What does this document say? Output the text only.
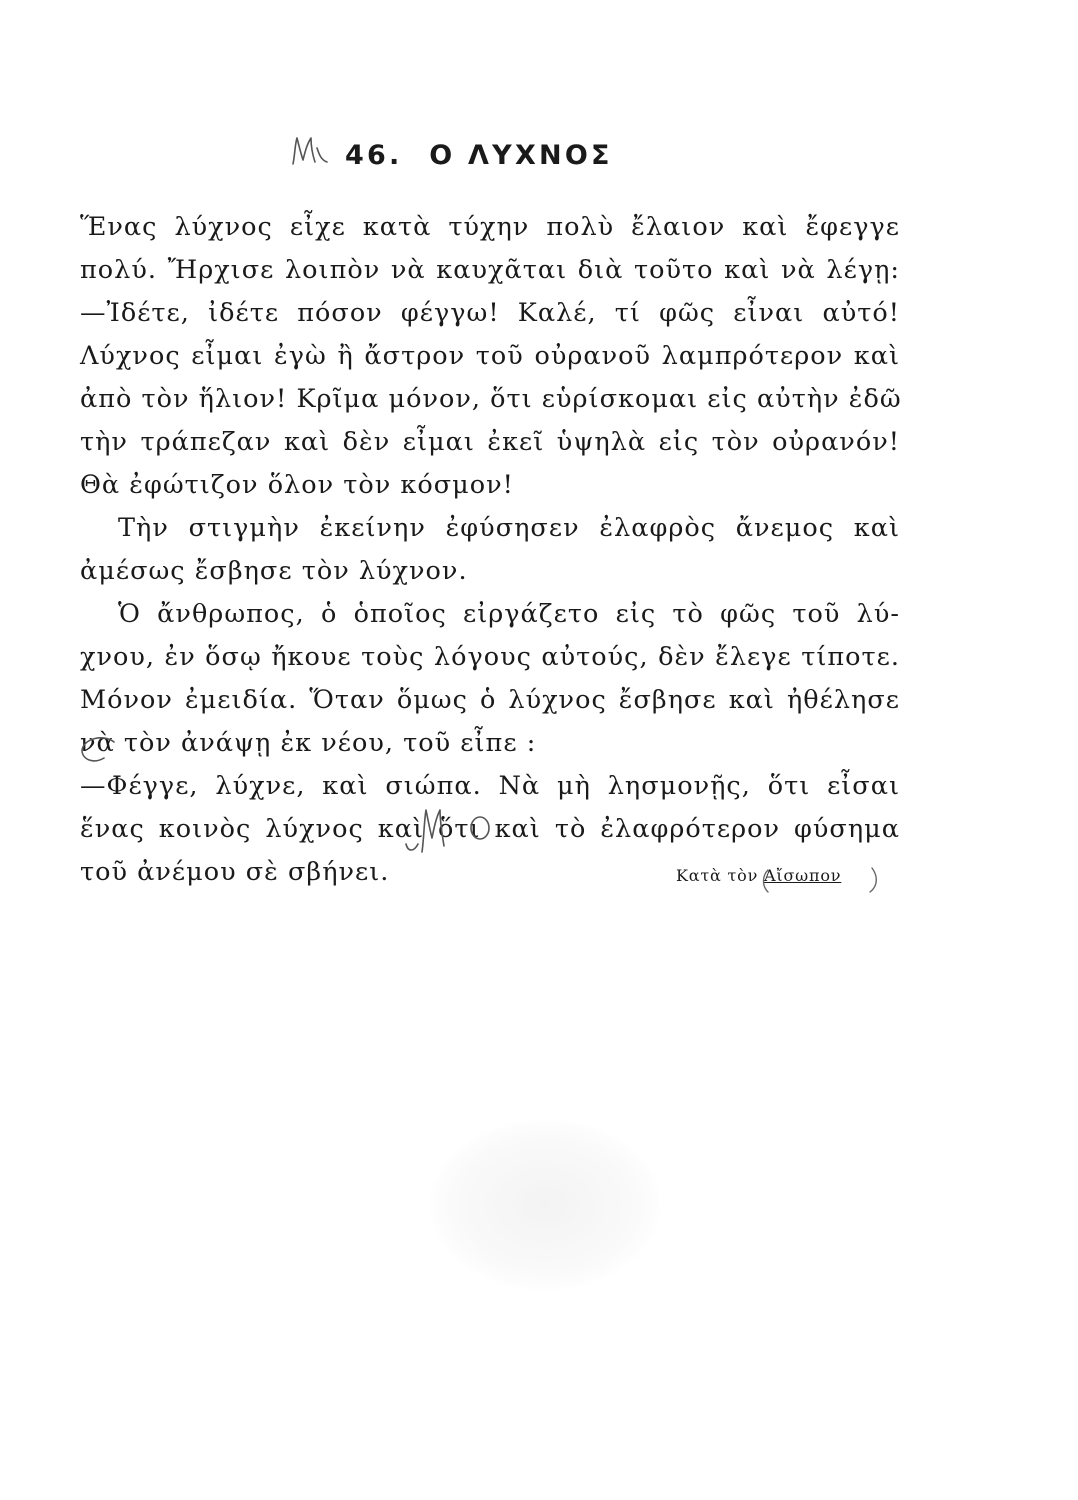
46. Ο ΛΥΧΝΟΣ
Ἕνας λύχνος εἶχε κατὰ τύχην πολὺ ἔλαιον καὶ ἔφεγγε
πολύ. Ἤρχισε λοιπὸν νὰ καυχᾶται διὰ τοῦτο καὶ νὰ λέγῃ:
—Ἰδέτε, ἰδέτε πόσον φέγγω! Καλέ, τί φῶς εἶναι αὐτό!
Λύχνος εἶμαι ἐγὼ ἢ ἄστρον τοῦ οὐρανοῦ λαμπρότερον καὶ
ἀπὸ τὸν ἥλιον! Κρῖμα μόνον, ὅτι εὑρίσκομαι εἰς αὐτὴν ἐδῶ
τὴν τράπεζαν καὶ δὲν εἶμαι ἐκεῖ ὑψηλὰ εἰς τὸν οὐρανόν!
Θὰ ἐφώτιζον ὅλον τὸν κόσμον!
Τὴν στιγμὴν ἐκείνην ἐφύσησεν ἐλαφρὸς ἄνεμος καὶ
ἀμέσως ἔσβησε τὸν λύχνον.
Ὁ ἄνθρωπος, ὁ ὁποῖος εἰργάζετο εἰς τὸ φῶς τοῦ λύ-
χνου, ἐν ὅσῳ ἤκουε τοὺς λόγους αὐτούς, δὲν ἔλεγε τίποτε.
Μόνον ἐμειδία. Ὅταν ὅμως ὁ λύχνος ἔσβησε καὶ ἠθέλησε
νὰ τὸν ἀνάψῃ ἐκ νέου, τοῦ εἶπε :
—Φέγγε, λύχνε, καὶ σιώπα. Νὰ μὴ λησμονῇς, ὅτι εἶσαι
ἕνας κοινὸς λύχνος καὶ ὅτι καὶ τὸ ἐλαφρότερον φύσημα
τοῦ ἀνέμου σὲ σβήνει.	Κατὰ τὸν Αἴσωπον
